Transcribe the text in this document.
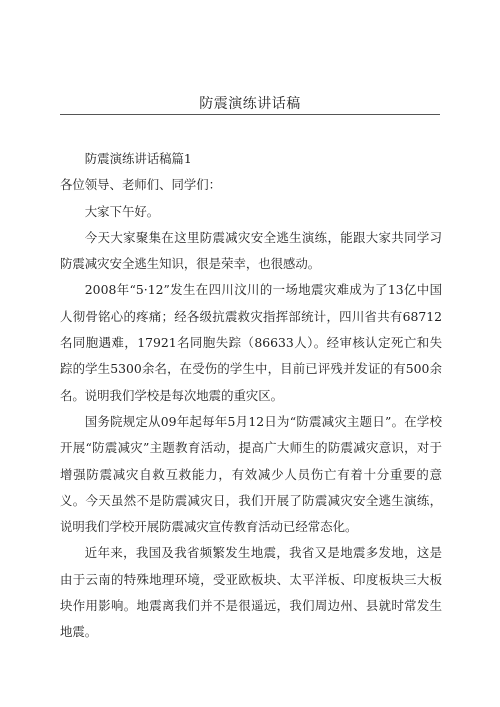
防震演练讲话稿

防震演练讲话稿篇1

各位领导、老师们、同学们：

大家下午好。

今天大家聚集在这里防震减灾安全逃生演练，能跟大家共同学习防震减灾安全逃生知识，很是荣幸，也很感动。

2008年“5·12”发生在四川汶川的一场地震灾难成为了13亿中国人彻骨铭心的疼痛；经各级抗震救灾指挥部统计，四川省共有68712名同胞遇难，17921名同胞失踪（86633人）。经审核认定死亡和失踪的学生5300余名，在受伤的学生中，目前已评残并发证的有500余名。说明我们学校是每次地震的重灾区。

国务院规定从09年起每年5月12日为“防震减灾主题日”。在学校开展“防震减灾”主题教育活动，提高广大师生的防震减灾意识，对于增强防震减灾自救互救能力，有效减少人员伤亡有着十分重要的意义。今天虽然不是防震减灾日，我们开展了防震减灾安全逃生演练，说明我们学校开展防震减灾宣传教育活动已经常态化。

近年来，我国及我省频繁发生地震，我省又是地震多发地，这是由于云南的特殊地理环境，受亚欧板块、太平洋板、印度板块三大板块作用影响。地震离我们并不是很遥远，我们周边州、县就时常发生地震。
